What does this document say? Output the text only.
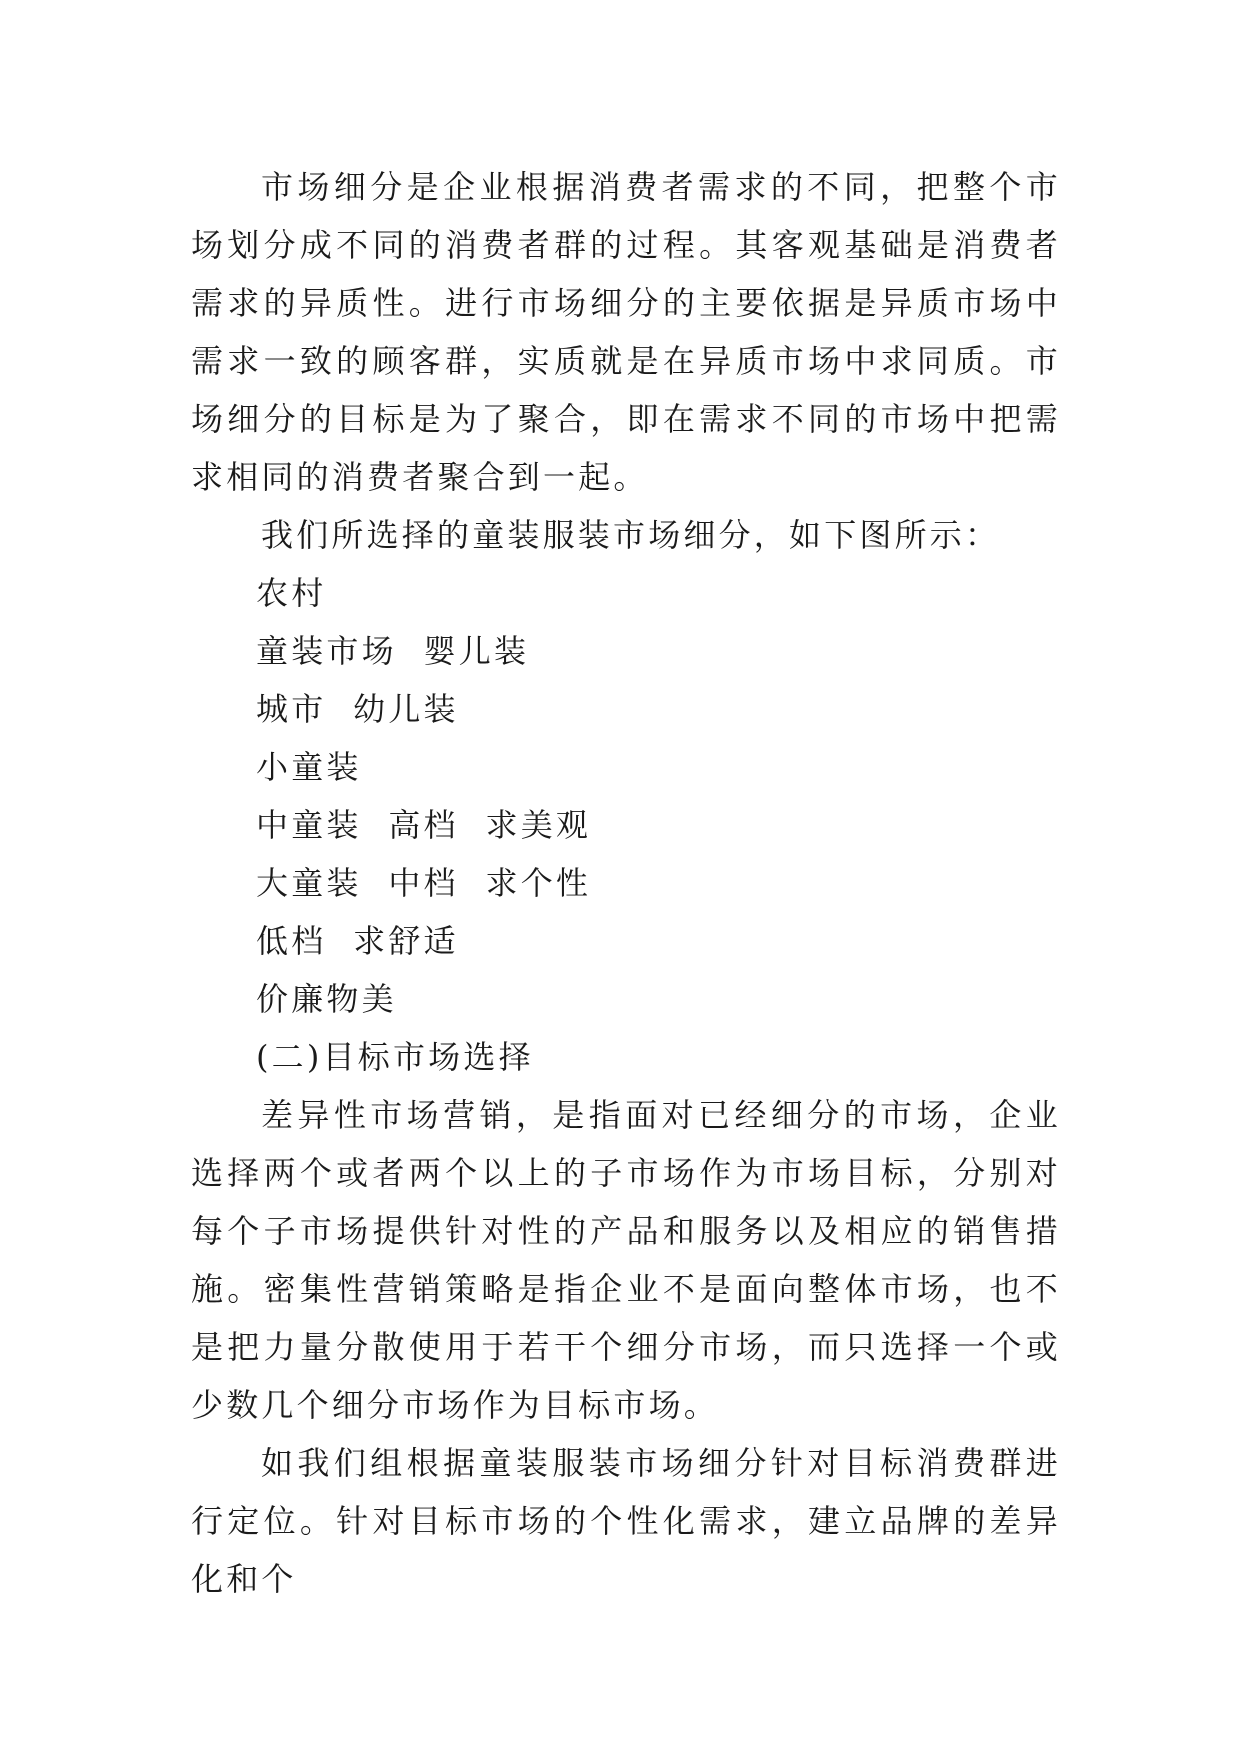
市场细分是企业根据消费者需求的不同，把整个市场划分成不同的消费者群的过程。其客观基础是消费者需求的异质性。进行市场细分的主要依据是异质市场中需求一致的顾客群，实质就是在异质市场中求同质。市场细分的目标是为了聚合，即在需求不同的市场中把需求相同的消费者聚合到一起。

我们所选择的童装服装市场细分，如下图所示：

农村

童装市场  婴儿装

城市  幼儿装

小童装

中童装  高档  求美观

大童装  中档  求个性

低档  求舒适

价廉物美

(二)目标市场选择

差异性市场营销，是指面对已经细分的市场，企业选择两个或者两个以上的子市场作为市场目标，分别对每个子市场提供针对性的产品和服务以及相应的销售措施。密集性营销策略是指企业不是面向整体市场，也不是把力量分散使用于若干个细分市场，而只选择一个或少数几个细分市场作为目标市场。

如我们组根据童装服装市场细分针对目标消费群进行定位。针对目标市场的个性化需求，建立品牌的差异化和个
